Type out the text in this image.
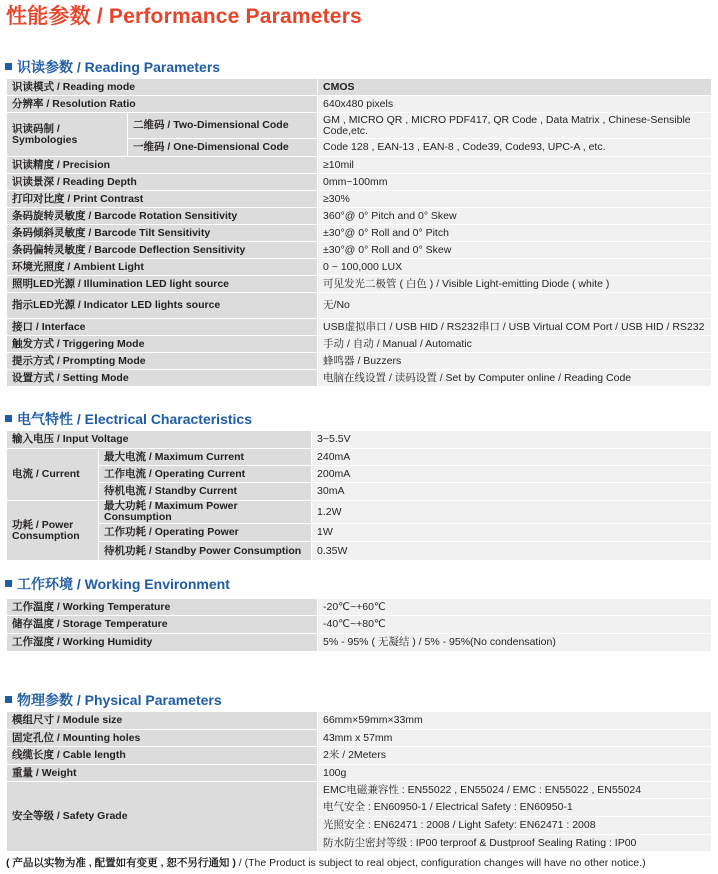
性能参数 / Performance Parameters
识读参数 / Reading Parameters
识读模式 / Reading mode		CMOS
分辨率 / Resolution Ratio		640x480 pixels
识读码制 / Symbologies	二维码 / Two-Dimensional Code	GM , MICRO QR , MICRO PDF417, QR Code , Data Matrix , Chinese-Sensible Code,etc.
	一维码 / One-Dimensional Code	Code 128 , EAN-13 , EAN-8 , Code39, Code93, UPC-A , etc.
识读精度 / Precision		≥10mil
识读景深 / Reading Depth		0mm~100mm
打印对比度 / Print Contrast		≥30%
条码旋转灵敏度 / Barcode Rotation Sensitivity		360°@ 0° Pitch and 0° Skew
条码倾斜灵敏度 / Barcode Tilt Sensitivity		±30°@ 0° Roll and 0° Pitch
条码偏转灵敏度 / Barcode Deflection Sensitivity		±30°@ 0° Roll and 0° Skew
环境光照度 / Ambient Light		0 ~ 100,000 LUX
照明LED光源 / Illumination LED light source		可见发光二极管 ( 白色 ) / Visible Light-emitting Diode ( white )
指示LED光源 / Indicator LED lights source		无/No
接口 / Interface		USB虚拟串口 / USB HID / RS232串口 / USB Virtual COM Port / USB HID / RS232
触发方式 / Triggering Mode		手动 / 自动 / Manual / Automatic
提示方式 / Prompting Mode		蜂鸣器 / Buzzers
设置方式 / Setting Mode		电脑在线设置 / 读码设置 / Set by Computer online / Reading Code
电气特性 / Electrical Characteristics
输入电压 / Input Voltage		3~5.5V
电流 / Current	最大电流 / Maximum Current	240mA
	工作电流 / Operating Current	200mA
	待机电流 / Standby Current	30mA
功耗 / Power Consumption	最大功耗 / Maximum Power Consumption	1.2W
	工作功耗 / Operating Power	1W
	待机功耗 / Standby Power Consumption	0.35W
工作环境 / Working Environment
工作温度 / Working Temperature	-20℃~+60℃
储存温度 / Storage Temperature	-40℃~+80℃
工作湿度 / Working Humidity	5% - 95% ( 无凝结 ) / 5% - 95%(No condensation)
物理参数 / Physical Parameters
模组尺寸 / Module size	66mm×59mm×33mm
固定孔位 / Mounting holes	43mm x 57mm
线缆长度 / Cable length	2米 / 2Meters
重量 / Weight	100g
安全等级 / Safety Grade	EMC电磁兼容性 : EN55022 , EN55024 / EMC : EN55022 , EN55024
	电气安全 : EN60950-1 / Electrical Safety : EN60950-1
	光照安全 : EN62471 : 2008 / Light Safety: EN62471 : 2008
	防水防尘密封等级 : IP00 terproof & Dustproof Sealing Rating : IP00
( 产品以实物为准 , 配置如有变更 , 恕不另行通知 ) / (The Product is subject to real object, configuration changes will have no other notice.)
